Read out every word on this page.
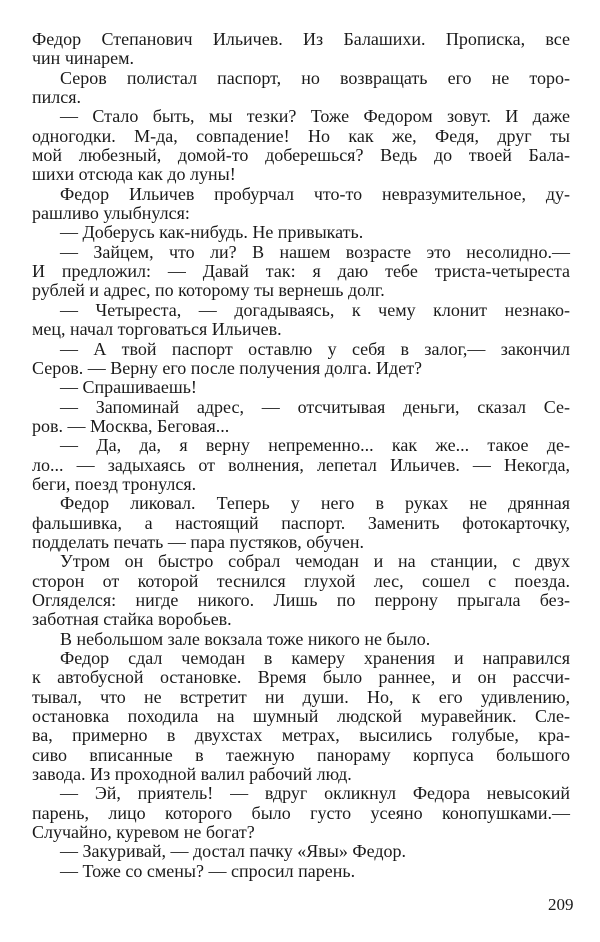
Федор Степанович Ильичев. Из Балашихи. Прописка, все
чин чинарем.
Серов полистал паспорт, но возвращать его не торо-
пился.
— Стало быть, мы тезки? Тоже Федором зовут. И даже
одногодки. М-да, совпадение! Но как же, Федя, друг ты
мой любезный, домой-то доберешься? Ведь до твоей Бала-
шихи отсюда как до луны!
Федор Ильичев пробурчал что-то невразумительное, ду-
рашливо улыбнулся:
— Доберусь как-нибудь. Не привыкать.
— Зайцем, что ли? В нашем возрасте это несолидно.—
И предложил: — Давай так: я даю тебе триста-четыреста
рублей и адрес, по которому ты вернешь долг.
— Четыреста, — догадываясь, к чему клонит незнако-
мец, начал торговаться Ильичев.
— А твой паспорт оставлю у себя в залог,— закончил
Серов. — Верну его после получения долга. Идет?
— Спрашиваешь!
— Запоминай адрес, — отсчитывая деньги, сказал Се-
ров. — Москва, Беговая...
— Да, да, я верну непременно... как же... такое де-
ло... — задыхаясь от волнения, лепетал Ильичев. — Некогда,
беги, поезд тронулся.
Федор ликовал. Теперь у него в руках не дрянная
фальшивка, а настоящий паспорт. Заменить фотокарточку,
подделать печать — пара пустяков, обучен.
Утром он быстро собрал чемодан и на станции, с двух
сторон от которой теснился глухой лес, сошел с поезда.
Огляделся: нигде никого. Лишь по перрону прыгала без-
заботная стайка воробьев.
В небольшом зале вокзала тоже никого не было.
Федор сдал чемодан в камеру хранения и направился
к автобусной остановке. Время было раннее, и он рассчи-
тывал, что не встретит ни души. Но, к его удивлению,
остановка походила на шумный людской муравейник. Сле-
ва, примерно в двухстах метрах, высились голубые, кра-
сиво вписанные в таежную панораму корпуса большого
завода. Из проходной валил рабочий люд.
— Эй, приятель! — вдруг окликнул Федора невысокий
парень, лицо которого было густо усеяно конопушками.—
Случайно, куревом не богат?
— Закуривай, — достал пачку «Явы» Федор.
— Тоже со смены? — спросил парень.
209
